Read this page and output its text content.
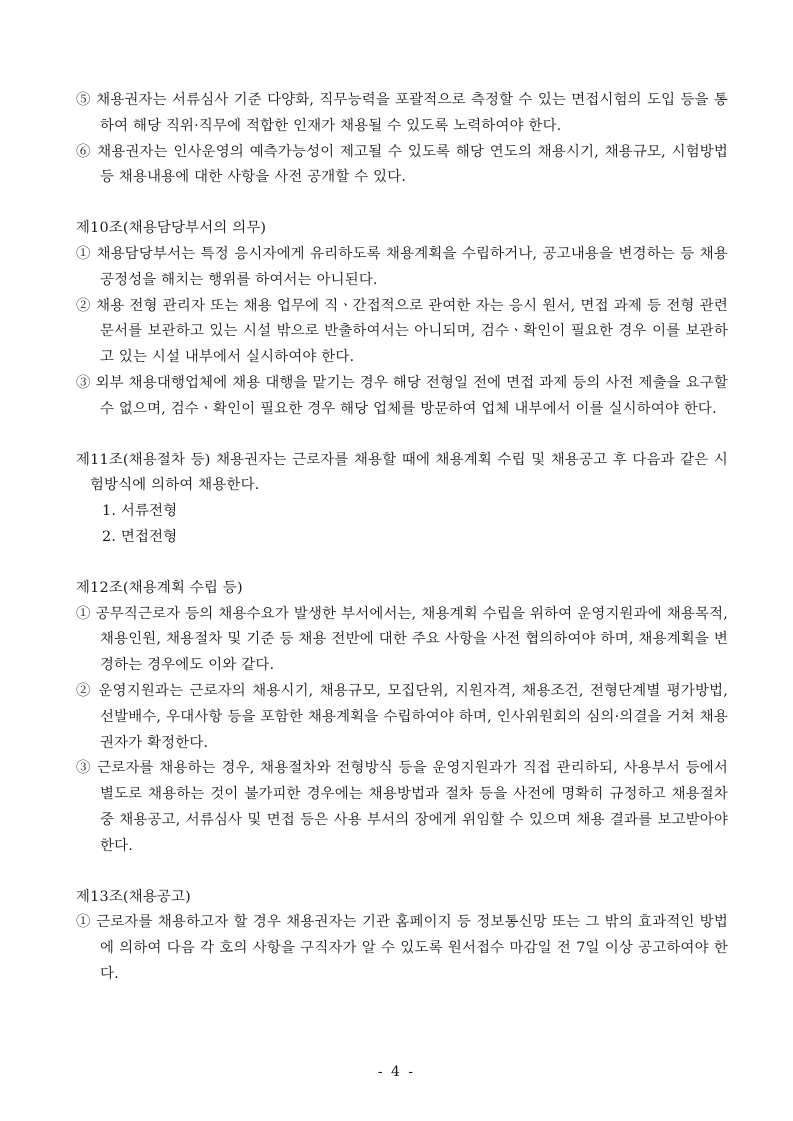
⑤ 채용권자는 서류심사 기준 다양화, 직무능력을 포괄적으로 측정할 수 있는 면접시험의 도입 등을 통하여 해당 직위·직무에 적합한 인재가 채용될 수 있도록 노력하여야 한다.

⑥ 채용권자는 인사운영의 예측가능성이 제고될 수 있도록 해당 연도의 채용시기, 채용규모, 시험방법 등 채용내용에 대한 사항을 사전 공개할 수 있다.

제10조(채용담당부서의 의무)

① 채용담당부서는 특정 응시자에게 유리하도록 채용계획을 수립하거나, 공고내용을 변경하는 등 채용 공정성을 해치는 행위를 하여서는 아니된다.

② 채용 전형 관리자 또는 채용 업무에 직ㆍ간접적으로 관여한 자는 응시 원서, 면접 과제 등 전형 관련 문서를 보관하고 있는 시설 밖으로 반출하여서는 아니되며, 검수ㆍ확인이 필요한 경우 이를 보관하고 있는 시설 내부에서 실시하여야 한다.

③ 외부 채용대행업체에 채용 대행을 맡기는 경우 해당 전형일 전에 면접 과제 등의 사전 제출을 요구할 수 없으며, 검수ㆍ확인이 필요한 경우 해당 업체를 방문하여 업체 내부에서 이를 실시하여야 한다.

제11조(채용절차 등) 채용권자는 근로자를 채용할 때에 채용계획 수립 및 채용공고 후 다음과 같은 시험방식에 의하여 채용한다.

1. 서류전형

2. 면접전형

제12조(채용계획 수립 등)

① 공무직근로자 등의 채용수요가 발생한 부서에서는, 채용계획 수립을 위하여 운영지원과에 채용목적, 채용인원, 채용절차 및 기준 등 채용 전반에 대한 주요 사항을 사전 협의하여야 하며, 채용계획을 변경하는 경우에도 이와 같다.

② 운영지원과는 근로자의 채용시기, 채용규모, 모집단위, 지원자격, 채용조건, 전형단계별 평가방법, 선발배수, 우대사항 등을 포함한 채용계획을 수립하여야 하며, 인사위원회의 심의·의결을 거쳐 채용권자가 확정한다.

③ 근로자를 채용하는 경우, 채용절차와 전형방식 등을 운영지원과가 직접 관리하되, 사용부서 등에서 별도로 채용하는 것이 불가피한 경우에는 채용방법과 절차 등을 사전에 명확히 규정하고 채용절차 중 채용공고, 서류심사 및 면접 등은 사용 부서의 장에게 위임할 수 있으며 채용 결과를 보고받아야 한다.

제13조(채용공고)

① 근로자를 채용하고자 할 경우 채용권자는 기관 홈페이지 등 정보통신망 또는 그 밖의 효과적인 방법에 의하여 다음 각 호의 사항을 구직자가 알 수 있도록 원서접수 마감일 전 7일 이상 공고하여야 한다.

- 4 -
